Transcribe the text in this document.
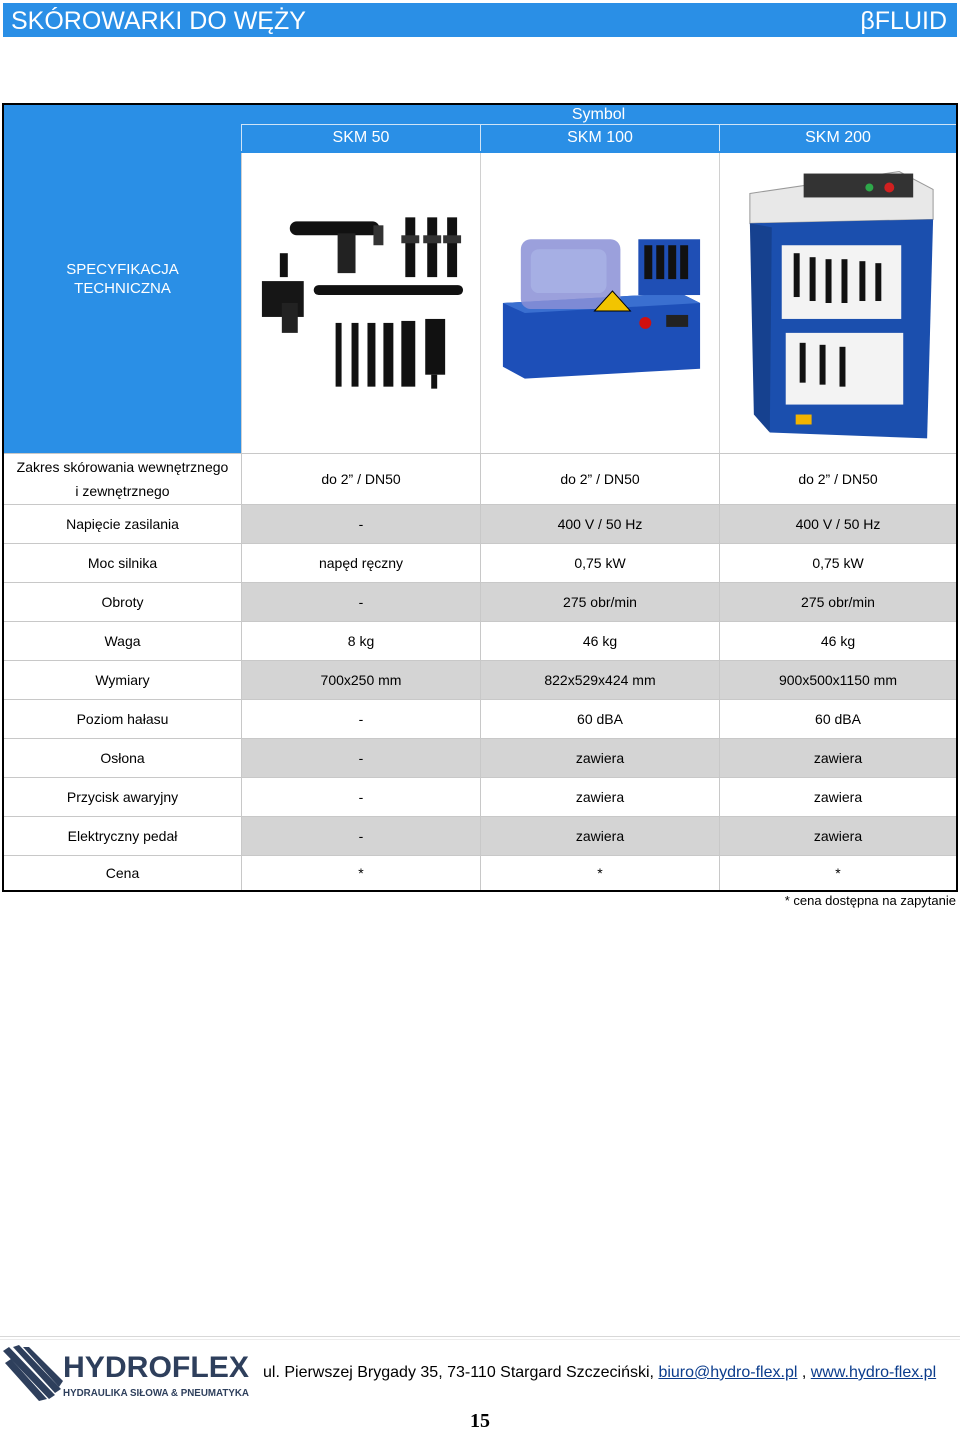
SKÓROWARKI DO WĘŻY	βFLUID
SPECYFIKACJA
TECHNICZNA
Symbol
SKM 50	SKM 100	SKM 200
Zakres skórowania wewnętrznego
i zewnętrznego
do 2” / DN50	do 2” / DN50	do 2” / DN50
Napięcie zasilania	-	400 V / 50 Hz	400 V / 50 Hz
Moc silnika	napęd ręczny	0,75 kW	0,75 kW
Obroty	-	275 obr/min	275 obr/min
Waga	8 kg	46 kg	46 kg
Wymiary	700x250 mm	822x529x424 mm	900x500x1150 mm
Poziom hałasu	-	60 dBA	60 dBA
Osłona	-	zawiera	zawiera
Przycisk awaryjny	-	zawiera	zawiera
Elektryczny pedał	-	zawiera	zawiera
Cena	*	*	*
* cena dostępna na zapytanie
HYDROFLEX
HYDRAULIKA SIŁOWA & PNEUMATYKA
ul. Pierwszej Brygady 35, 73-110 Stargard Szczeciński, biuro@hydro-flex.pl , www.hydro-flex.pl
15
